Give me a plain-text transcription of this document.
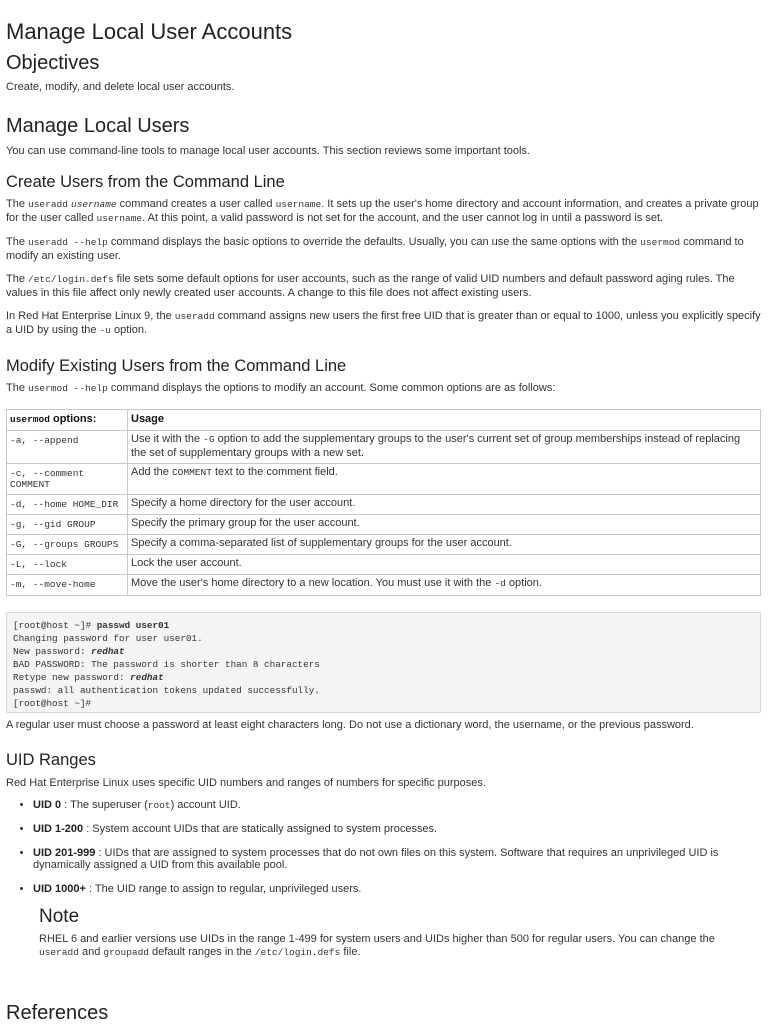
Manage Local User Accounts
Objectives

Create, modify, and delete local user accounts.

Manage Local Users

You can use command-line tools to manage local user accounts. This section reviews some important tools.

Create Users from the Command Line

The useradd username command creates a user called username. It sets up the user's home directory and account information, and creates a private group for the user called username. At this point, a valid password is not set for the account, and the user cannot log in until a password is set.

The useradd --help command displays the basic options to override the defaults. Usually, you can use the same options with the usermod command to modify an existing user.

The /etc/login.defs file sets some default options for user accounts, such as the range of valid UID numbers and default password aging rules. The values in this file affect only newly created user accounts. A change to this file does not affect existing users.

In Red Hat Enterprise Linux 9, the useradd command assigns new users the first free UID that is greater than or equal to 1000, unless you explicitly specify a UID by using the -u option.

Modify Existing Users from the Command Line

The usermod --help command displays the options to modify an account. Some common options are as follows:

usermod options:	Usage
-a, --append	Use it with the -G option to add the supplementary groups to the user's current set of group memberships instead of replacing the set of supplementary groups with a new set.
-c, --comment COMMENT	Add the COMMENT text to the comment field.
-d, --home HOME_DIR	Specify a home directory for the user account.
-g, --gid GROUP	Specify the primary group for the user account.
-G, --groups GROUPS	Specify a comma-separated list of supplementary groups for the user account.
-L, --lock	Lock the user account.
-m, --move-home	Move the user's home directory to a new location. You must use it with the -d option.
[root@host ~]# passwd user01
Changing password for user user01.
New password: redhat
BAD PASSWORD: The password is shorter than 8 characters
Retype new password: redhat
passwd: all authentication tokens updated successfully.
[root@host ~]#

A regular user must choose a password at least eight characters long. Do not use a dictionary word, the username, or the previous password.

UID Ranges

Red Hat Enterprise Linux uses specific UID numbers and ranges of numbers for specific purposes.

• UID 0 : The superuser (root) account UID.
• UID 1-200 : System account UIDs that are statically assigned to system processes.
• UID 201-999 : UIDs that are assigned to system processes that do not own files on this system. Software that requires an unprivileged UID is dynamically assigned a UID from this available pool.
• UID 1000+ : The UID range to assign to regular, unprivileged users.
Note

RHEL 6 and earlier versions use UIDs in the range 1-499 for system users and UIDs higher than 500 for regular users. You can change the useradd and groupadd default ranges in the /etc/login.defs file.

References
